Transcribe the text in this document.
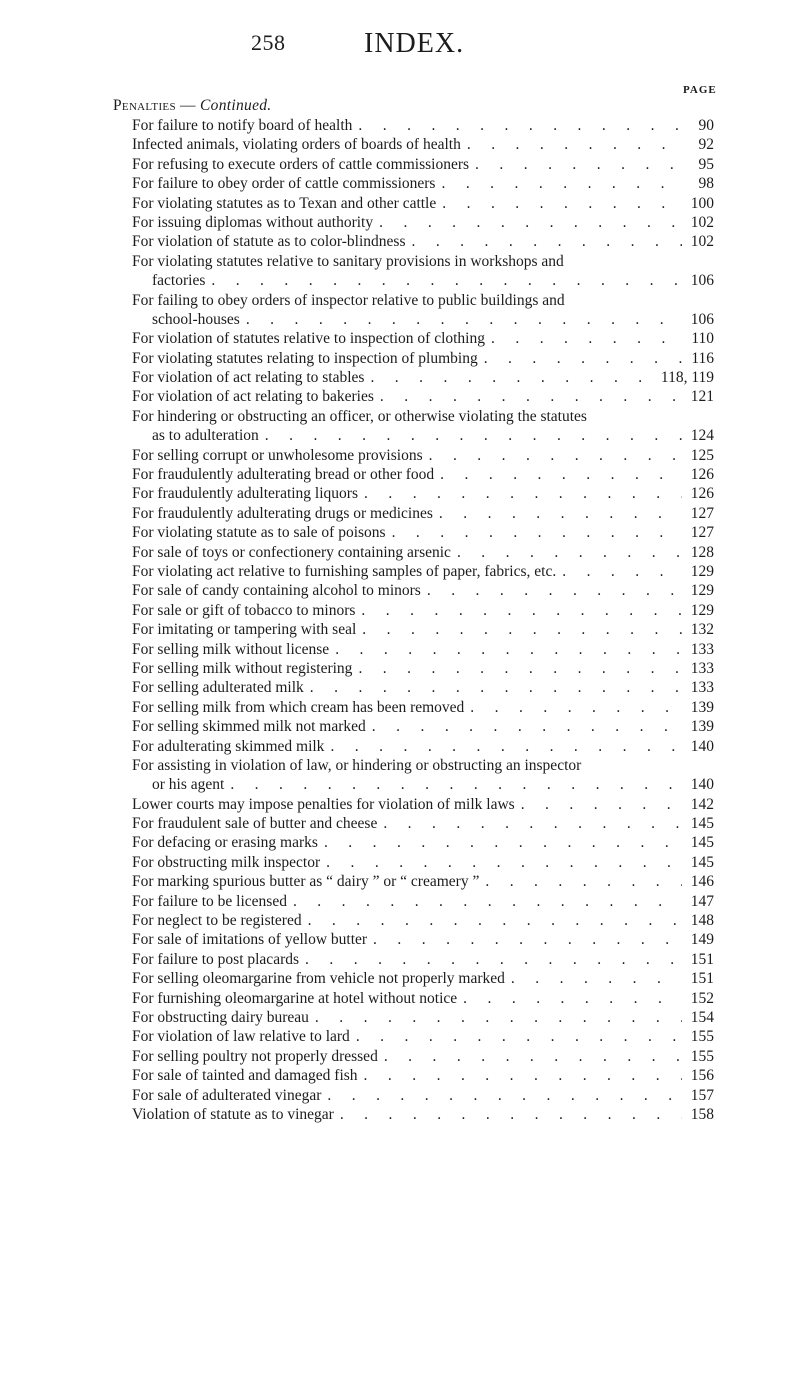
258	INDEX.
PAGE
Penalties — Continued.
For failure to notify board of health . . .	90
Infected animals, violating orders of boards of health . . .	92
For refusing to execute orders of cattle commissioners . . .	95
For failure to obey order of cattle commissioners . . .	98
For violating statutes as to Texan and other cattle . . .	100
For issuing diplomas without authority . . .	102
For violation of statute as to color-blindness . . .	102
For violating statutes relative to sanitary provisions in workshops and
factories . . .	106
For failing to obey orders of inspector relative to public buildings and
school-houses . . .	106
For violation of statutes relative to inspection of clothing . . .	110
For violating statutes relating to inspection of plumbing . . .	116
For violation of act relating to stables . . .	118, 119
For violation of act relating to bakeries . . .	121
For hindering or obstructing an officer, or otherwise violating the statutes
as to adulteration . . .	124
For selling corrupt or unwholesome provisions . . .	125
For fraudulently adulterating bread or other food . . .	126
For fraudulently adulterating liquors . . .	126
For fraudulently adulterating drugs or medicines . . .	127
For violating statute as to sale of poisons . . .	127
For sale of toys or confectionery containing arsenic . . .	128
For violating act relative to furnishing samples of paper, fabrics, etc. . . .	129
For sale of candy containing alcohol to minors . . .	129
For sale or gift of tobacco to minors . . .	129
For imitating or tampering with seal . . .	132
For selling milk without license . . .	133
For selling milk without registering . . .	133
For selling adulterated milk . . .	133
For selling milk from which cream has been removed . . .	139
For selling skimmed milk not marked . . .	139
For adulterating skimmed milk . . .	140
For assisting in violation of law, or hindering or obstructing an inspector
or his agent . . .	140
Lower courts may impose penalties for violation of milk laws . . .	142
For fraudulent sale of butter and cheese . . .	145
For defacing or erasing marks . . .	145
For obstructing milk inspector . . .	145
For marking spurious butter as “ dairy ” or “ creamery ” . . .	146
For failure to be licensed . . .	147
For neglect to be registered . . .	148
For sale of imitations of yellow butter . . .	149
For failure to post placards . . .	151
For selling oleomargarine from vehicle not properly marked . . .	151
For furnishing oleomargarine at hotel without notice . . .	152
For obstructing dairy bureau . . .	154
For violation of law relative to lard . . .	155
For selling poultry not properly dressed . . .	155
For sale of tainted and damaged fish . . .	156
For sale of adulterated vinegar . . .	157
Violation of statute as to vinegar . . .	158
